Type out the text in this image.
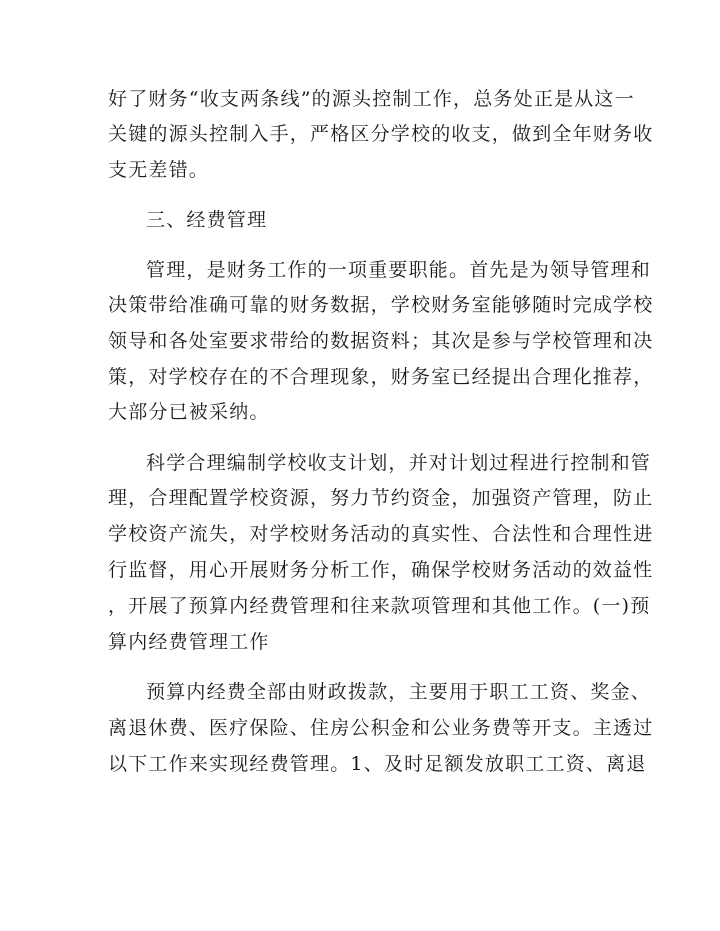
好了财务“收支两条线”的源头控制工作，总务处正是从这一
关键的源头控制入手，严格区分学校的收支，做到全年财务收
支无差错。
三、经费管理
管理，是财务工作的一项重要职能。首先是为领导管理和
决策带给准确可靠的财务数据，学校财务室能够随时完成学校
领导和各处室要求带给的数据资料；其次是参与学校管理和决
策，对学校存在的不合理现象，财务室已经提出合理化推荐，
大部分已被采纳。
科学合理编制学校收支计划，并对计划过程进行控制和管
理，合理配置学校资源，努力节约资金，加强资产管理，防止
学校资产流失，对学校财务活动的真实性、合法性和合理性进
行监督，用心开展财务分析工作，确保学校财务活动的效益性
，开展了预算内经费管理和往来款项管理和其他工作。(一)预
算内经费管理工作
预算内经费全部由财政拨款，主要用于职工工资、奖金、
离退休费、医疗保险、住房公积金和公业务费等开支。主透过
以下工作来实现经费管理。1、及时足额发放职工工资、离退
